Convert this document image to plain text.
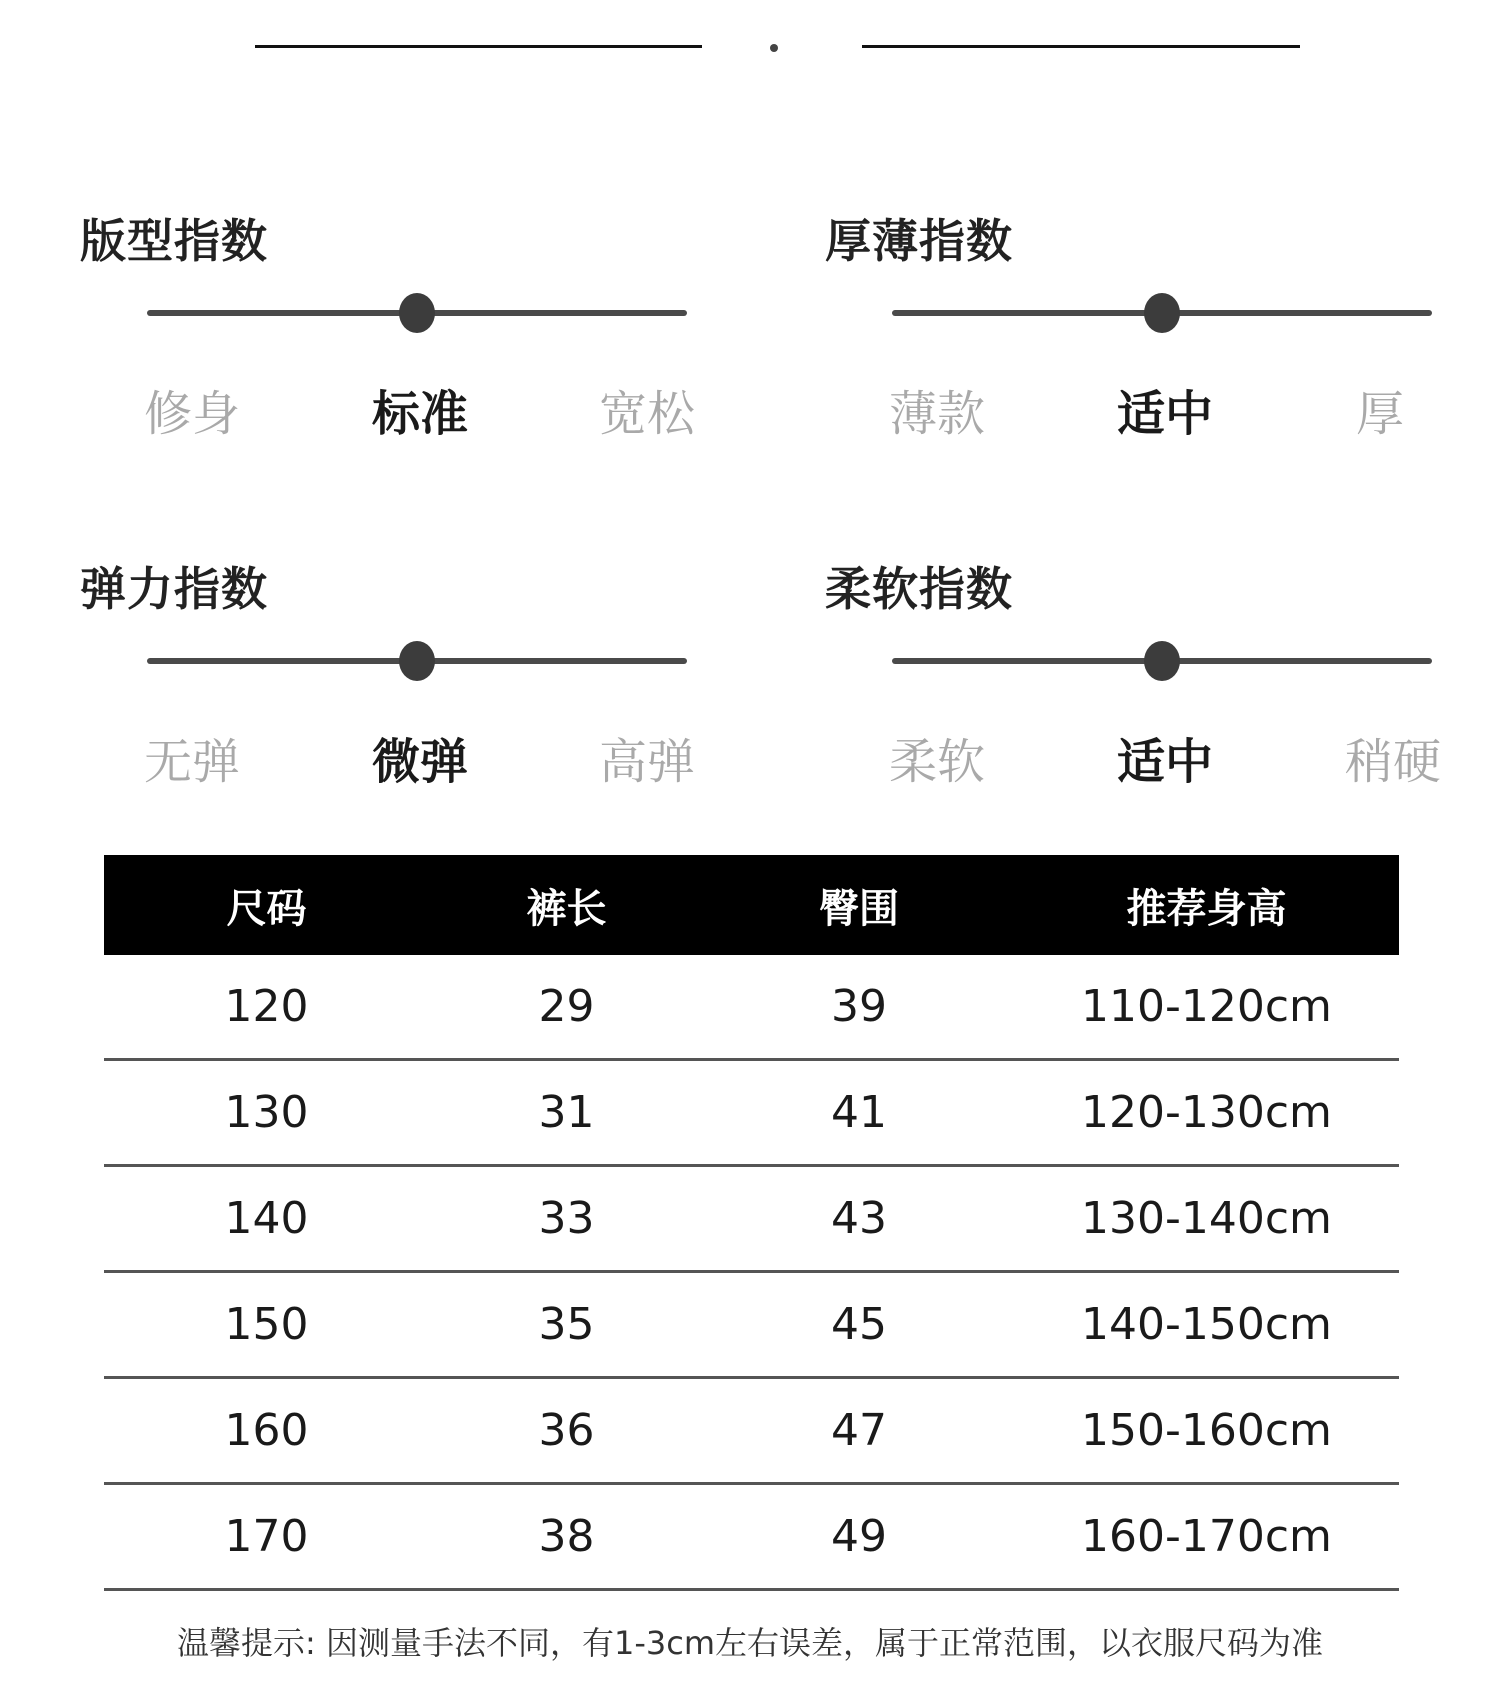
版型指数
修身	标准	宽松
厚薄指数
薄款	适中	厚
弹力指数
无弹	微弹	高弹
柔软指数
柔软	适中	稍硬
尺码	裤长	臀围	推荐身高
120	29	39	110-120cm
130	31	41	120-130cm
140	33	43	130-140cm
150	35	45	140-150cm
160	36	47	150-160cm
170	38	49	160-170cm
温馨提示: 因测量手法不同，有1-3cm左右误差，属于正常范围，以衣服尺码为准
